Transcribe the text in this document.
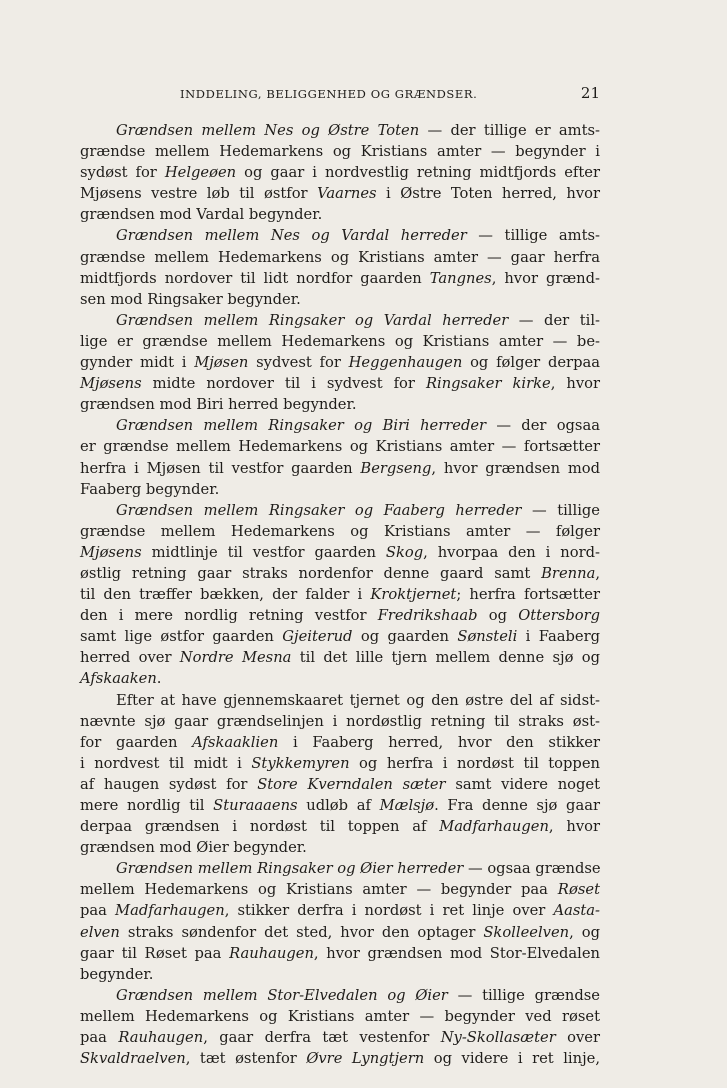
INDDELING, BELIGGENHED OG GRÆNDSER.	21

Grændsen mellem Nes og Østre Toten — der tillige er amts-
grændse mellem Hedemarkens og Kristians amter — begynder i
sydøst for Helgeøen og gaar i nordvestlig retning midtfjords efter
Mjøsens vestre løb til østfor Vaarnes i Østre Toten herred, hvor
grændsen mod Vardal begynder.

Grændsen mellem Nes og Vardal herreder — tillige amts-
grændse mellem Hedemarkens og Kristians amter — gaar herfra
midtfjords nordover til lidt nordfor gaarden Tangnes, hvor grænd-
sen mod Ringsaker begynder.

Grændsen mellem Ringsaker og Vardal herreder — der til-
lige er grændse mellem Hedemarkens og Kristians amter — be-
gynder midt i Mjøsen sydvest for Heggenhaugen og følger derpaa
Mjøsens midte nordover til i sydvest for Ringsaker kirke, hvor
grændsen mod Biri herred begynder.

Grændsen mellem Ringsaker og Biri herreder — der ogsaa
er grændse mellem Hedemarkens og Kristians amter — fortsætter
herfra i Mjøsen til vestfor gaarden Bergseng, hvor grændsen mod
Faaberg begynder.

Grændsen mellem Ringsaker og Faaberg herreder — tillige
grændse mellem Hedemarkens og Kristians amter — følger
Mjøsens midtlinje til vestfor gaarden Skog, hvorpaa den i nord-
østlig retning gaar straks nordenfor denne gaard samt Brenna,
til den træffer bækken, der falder i Kroktjernet; herfra fortsætter
den i mere nordlig retning vestfor Fredrikshaab og Ottersborg
samt lige østfor gaarden Gjeiterud og gaarden Sønsteli i Faaberg
herred over Nordre Mesna til det lille tjern mellem denne sjø og
Afskaaken.

Efter at have gjennemskaaret tjernet og den østre del af sidst-
nævnte sjø gaar grændselinjen i nordøstlig retning til straks øst-
for gaarden Afskaaklien i Faaberg herred, hvor den stikker
i nordvest til midt i Stykkemyren og herfra i nordøst til toppen
af haugen sydøst for Store Kverndalen sæter samt videre noget
mere nordlig til Sturaaaens udløb af Mælsjø. Fra denne sjø gaar
derpaa grændsen i nordøst til toppen af Madfarhaugen, hvor
grændsen mod Øier begynder.

Grændsen mellem Ringsaker og Øier herreder — ogsaa grændse
mellem Hedemarkens og Kristians amter — begynder paa Røset
paa Madfarhaugen, stikker derfra i nordøst i ret linje over Aasta-
elven straks søndenfor det sted, hvor den optager Skolleelven, og
gaar til Røset paa Rauhaugen, hvor grændsen mod Stor-Elvedalen
begynder.

Grændsen mellem Stor-Elvedalen og Øier — tillige grændse
mellem Hedemarkens og Kristians amter — begynder ved røset
paa Rauhaugen, gaar derfra tæt vestenfor Ny-Skollasæter over
Skvaldraelven, tæt østenfor Øvre Lyngtjern og videre i ret linje,
